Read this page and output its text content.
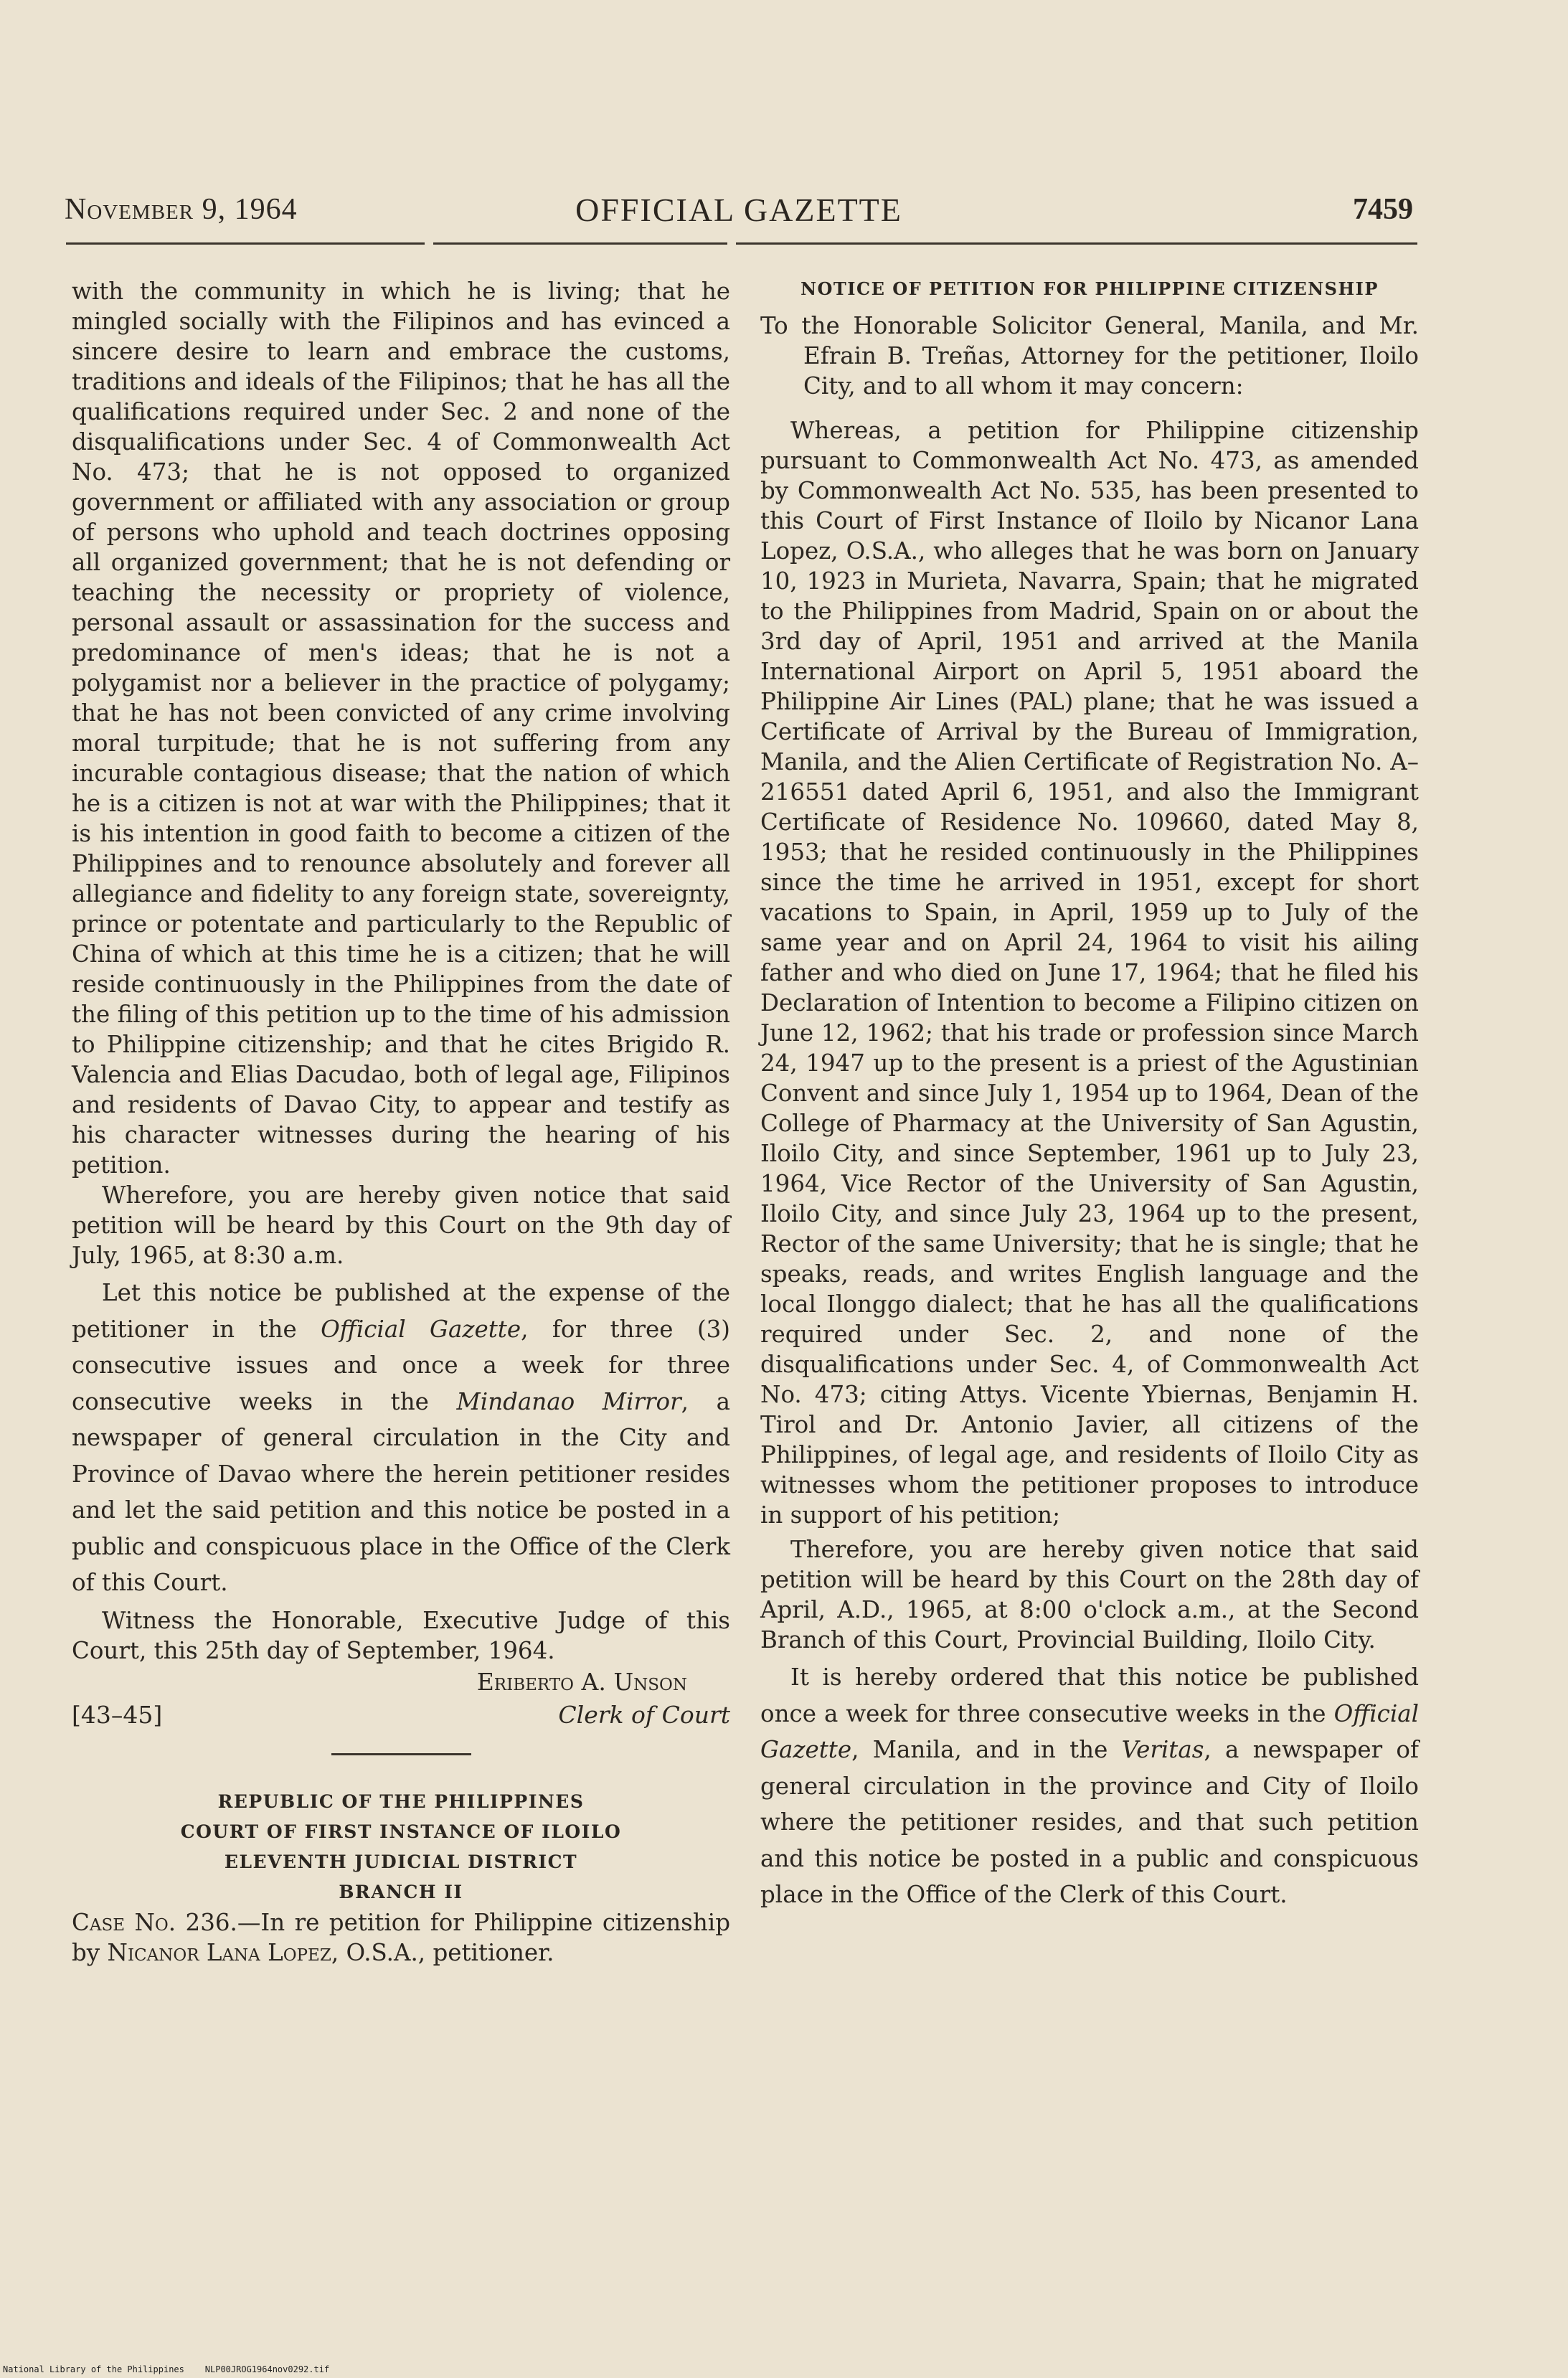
November 9, 1964	OFFICIAL GAZETTE	7459

with the community in which he is living; that he mingled socially with the Filipinos and has evinced a sincere desire to learn and embrace the customs, traditions and ideals of the Filipinos; that he has all the qualifications required under Sec. 2 and none of the disqualifications under Sec. 4 of Commonwealth Act No. 473; that he is not opposed to organized government or affiliated with any association or group of persons who uphold and teach doctrines opposing all organized government; that he is not defending or teaching the necessity or propriety of violence, personal assault or assassination for the success and predominance of men's ideas; that he is not a polygamist nor a believer in the practice of polygamy; that he has not been convicted of any crime involving moral turpitude; that he is not suffering from any incurable contagious disease; that the nation of which he is a citizen is not at war with the Philippines; that it is his intention in good faith to become a citizen of the Philippines and to renounce absolutely and forever all allegiance and fidelity to any foreign state, sovereignty, prince or potentate and particularly to the Republic of China of which at this time he is a citizen; that he will reside continuously in the Philippines from the date of the filing of this petition up to the time of his admission to Philippine citizenship; and that he cites Brigido R. Valencia and Elias Dacudao, both of legal age, Filipinos and residents of Davao City, to appear and testify as his character witnesses during the hearing of his petition.

Wherefore, you are hereby given notice that said petition will be heard by this Court on the 9th day of July, 1965, at 8:30 a.m.

Let this notice be published at the expense of the petitioner in the Official Gazette, for three (3) consecutive issues and once a week for three consecutive weeks in the Mindanao Mirror, a newspaper of general circulation in the City and Province of Davao where the herein petitioner resides and let the said petition and this notice be posted in a public and conspicuous place in the Office of the Clerk of this Court.

Witness the Honorable, Executive Judge of this Court, this 25th day of September, 1964.

Eriberto A. Unson
[43–45]	Clerk of Court
REPUBLIC OF THE PHILIPPINES
COURT OF FIRST INSTANCE OF ILOILO
ELEVENTH JUDICIAL DISTRICT
BRANCH II

Case No. 236.—In re petition for Philippine citizenship by Nicanor Lana Lopez, O.S.A., petitioner.

NOTICE OF PETITION FOR PHILIPPINE CITIZENSHIP

To the Honorable Solicitor General, Manila, and Mr. Efrain B. Treñas, Attorney for the petitioner, Iloilo City, and to all whom it may concern:

Whereas, a petition for Philippine citizenship pursuant to Commonwealth Act No. 473, as amended by Commonwealth Act No. 535, has been presented to this Court of First Instance of Iloilo by Nicanor Lana Lopez, O.S.A., who alleges that he was born on January 10, 1923 in Murieta, Navarra, Spain; that he migrated to the Philippines from Madrid, Spain on or about the 3rd day of April, 1951 and arrived at the Manila International Airport on April 5, 1951 aboard the Philippine Air Lines (PAL) plane; that he was issued a Certificate of Arrival by the Bureau of Immigration, Manila, and the Alien Certificate of Registration No. A–216551 dated April 6, 1951, and also the Immigrant Certificate of Residence No. 109660, dated May 8, 1953; that he resided continuously in the Philippines since the time he arrived in 1951, except for short vacations to Spain, in April, 1959 up to July of the same year and on April 24, 1964 to visit his ailing father and who died on June 17, 1964; that he filed his Declaration of Intention to become a Filipino citizen on June 12, 1962; that his trade or profession since March 24, 1947 up to the present is a priest of the Agustinian Convent and since July 1, 1954 up to 1964, Dean of the College of Pharmacy at the University of San Agustin, Iloilo City, and since September, 1961 up to July 23, 1964, Vice Rector of the University of San Agustin, Iloilo City, and since July 23, 1964 up to the present, Rector of the same University; that he is single; that he speaks, reads, and writes English language and the local Ilonggo dialect; that he has all the qualifications required under Sec. 2, and none of the disqualifications under Sec. 4, of Commonwealth Act No. 473; citing Attys. Vicente Ybiernas, Benjamin H. Tirol and Dr. Antonio Javier, all citizens of the Philippines, of legal age, and residents of Iloilo City as witnesses whom the petitioner proposes to introduce in support of his petition;

Therefore, you are hereby given notice that said petition will be heard by this Court on the 28th day of April, A.D., 1965, at 8:00 o'clock a.m., at the Second Branch of this Court, Provincial Building, Iloilo City.

It is hereby ordered that this notice be published once a week for three consecutive weeks in the Official Gazette, Manila, and in the Veritas, a newspaper of general circulation in the province and City of Iloilo where the petitioner resides, and that such petition and this notice be posted in a public and conspicuous place in the Office of the Clerk of this Court.

National Library of the Philippines NLP00JROG1964nov0292.tif
